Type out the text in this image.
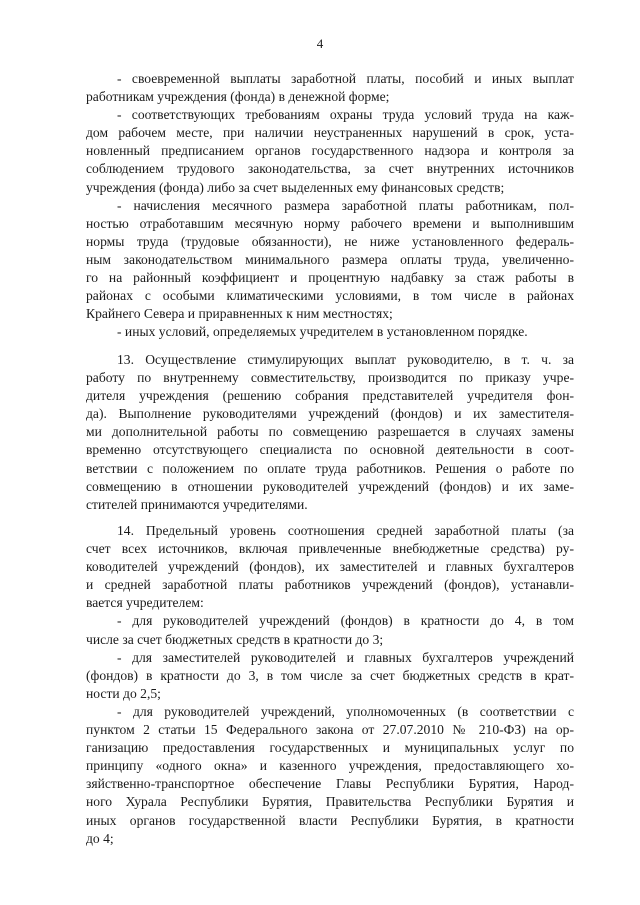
4
- своевременной выплаты заработной платы, пособий и иных выплат
работникам учреждения (фонда) в денежной форме;
- соответствующих требованиям охраны труда условий труда на каж-
дом рабочем месте, при наличии неустраненных нарушений в срок, уста-
новленный предписанием органов государственного надзора и контроля за
соблюдением трудового законодательства, за счет внутренних источников
учреждения (фонда) либо за счет выделенных ему финансовых средств;
- начисления месячного размера заработной платы работникам, пол-
ностью отработавшим месячную норму рабочего времени и выполнившим
нормы труда (трудовые обязанности), не ниже установленного федераль-
ным законодательством минимального размера оплаты труда, увеличенно-
го на районный коэффициент и процентную надбавку за стаж работы в
районах с особыми климатическими условиями, в том числе в районах
Крайнего Севера и приравненных к ним местностях;
- иных условий, определяемых учредителем в установленном порядке.
13. Осуществление стимулирующих выплат руководителю, в т. ч. за
работу по внутреннему совместительству, производится по приказу учре-
дителя учреждения (решению собрания представителей учредителя фон-
да). Выполнение руководителями учреждений (фондов) и их заместителя-
ми дополнительной работы по совмещению разрешается в случаях замены
временно отсутствующего специалиста по основной деятельности в соот-
ветствии с положением по оплате труда работников. Решения о работе по
совмещению в отношении руководителей учреждений (фондов) и их замe-
стителей принимаются учредителями.
14. Предельный уровень соотношения средней заработной платы (за
счет всех источников, включая привлеченные внебюджетные средства) ру-
ководителей учреждений (фондов), их заместителей и главных бухгалтеров
и средней заработной платы работников учреждений (фондов), устанавли-
вается учредителем:
- для руководителей учреждений (фондов) в кратности до 4, в том
числе за счет бюджетных средств в кратности до 3;
- для заместителей руководителей и главных бухгалтеров учреждений
(фондов) в кратности до 3, в том числе за счет бюджетных средств в крат-
ности до 2,5;
- для руководителей учреждений, уполномоченных (в соответствии с
пунктом 2 статьи 15 Федерального закона от 27.07.2010 № 210-ФЗ) на ор-
ганизацию предоставления государственных и муниципальных услуг по
принципу «одного окна» и казенного учреждения, предоставляющего хо-
зяйственно-транспортное обеспечение Главы Республики Бурятия, Народ-
ного Хурала Республики Бурятия, Правительства Республики Бурятия и
иных органов государственной власти Республики Бурятия, в кратности
до 4;
